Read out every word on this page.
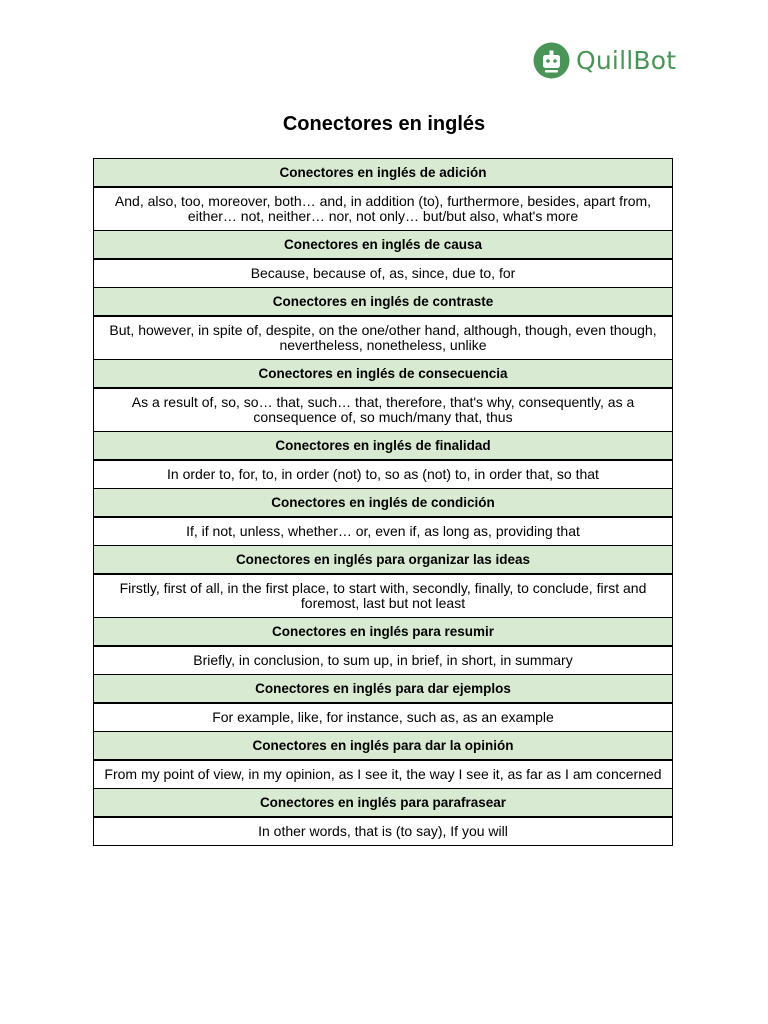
QuillBot
Conectores en inglés
Conectores en inglés de adición
And, also, too, moreover, both… and, in addition (to), furthermore, besides, apart from, either… not, neither… nor, not only… but/but also, what's more
Conectores en inglés de causa
Because, because of, as, since, due to, for
Conectores en inglés de contraste
But, however, in spite of, despite, on the one/other hand, although, though, even though, nevertheless, nonetheless, unlike
Conectores en inglés de consecuencia
As a result of, so, so… that, such… that, therefore, that's why, consequently, as a consequence of, so much/many that, thus
Conectores en inglés de finalidad
In order to, for, to, in order (not) to, so as (not) to, in order that, so that
Conectores en inglés de condición
If, if not, unless, whether… or, even if, as long as, providing that
Conectores en inglés para organizar las ideas
Firstly, first of all, in the first place, to start with, secondly, finally, to conclude, first and foremost, last but not least
Conectores en inglés para resumir
Briefly, in conclusion, to sum up, in brief, in short, in summary
Conectores en inglés para dar ejemplos
For example, like, for instance, such as, as an example
Conectores en inglés para dar la opinión
From my point of view, in my opinion, as I see it, the way I see it, as far as I am concerned
Conectores en inglés para parafrasear
In other words, that is (to say), If you will
